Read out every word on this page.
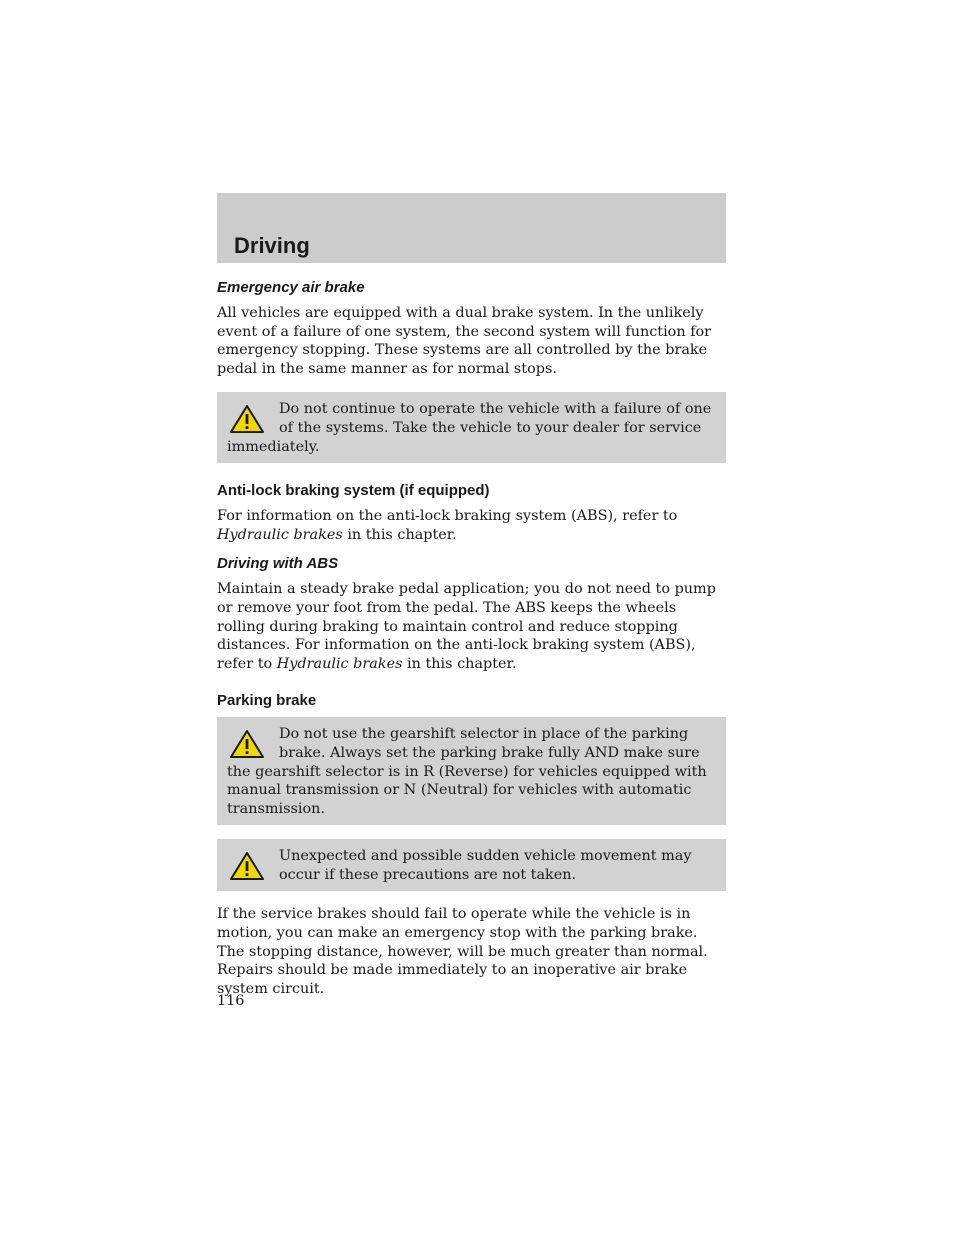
Driving
Emergency air brake

All vehicles are equipped with a dual brake system. In the unlikely event of a failure of one system, the second system will function for emergency stopping. These systems are all controlled by the brake pedal in the same manner as for normal stops.

Do not continue to operate the vehicle with a failure of one of the systems. Take the vehicle to your dealer for service immediately.
Anti-lock braking system (if equipped)

For information on the anti-lock braking system (ABS), refer to Hydraulic brakes in this chapter.

Driving with ABS

Maintain a steady brake pedal application; you do not need to pump or remove your foot from the pedal. The ABS keeps the wheels rolling during braking to maintain control and reduce stopping distances. For information on the anti-lock braking system (ABS), refer to Hydraulic brakes in this chapter.

Parking brake
Do not use the gearshift selector in place of the parking brake. Always set the parking brake fully AND make sure the gearshift selector is in R (Reverse) for vehicles equipped with manual transmission or N (Neutral) for vehicles with automatic transmission.
Unexpected and possible sudden vehicle movement may occur if these precautions are not taken.

If the service brakes should fail to operate while the vehicle is in motion, you can make an emergency stop with the parking brake. The stopping distance, however, will be much greater than normal. Repairs should be made immediately to an inoperative air brake system circuit.

116
